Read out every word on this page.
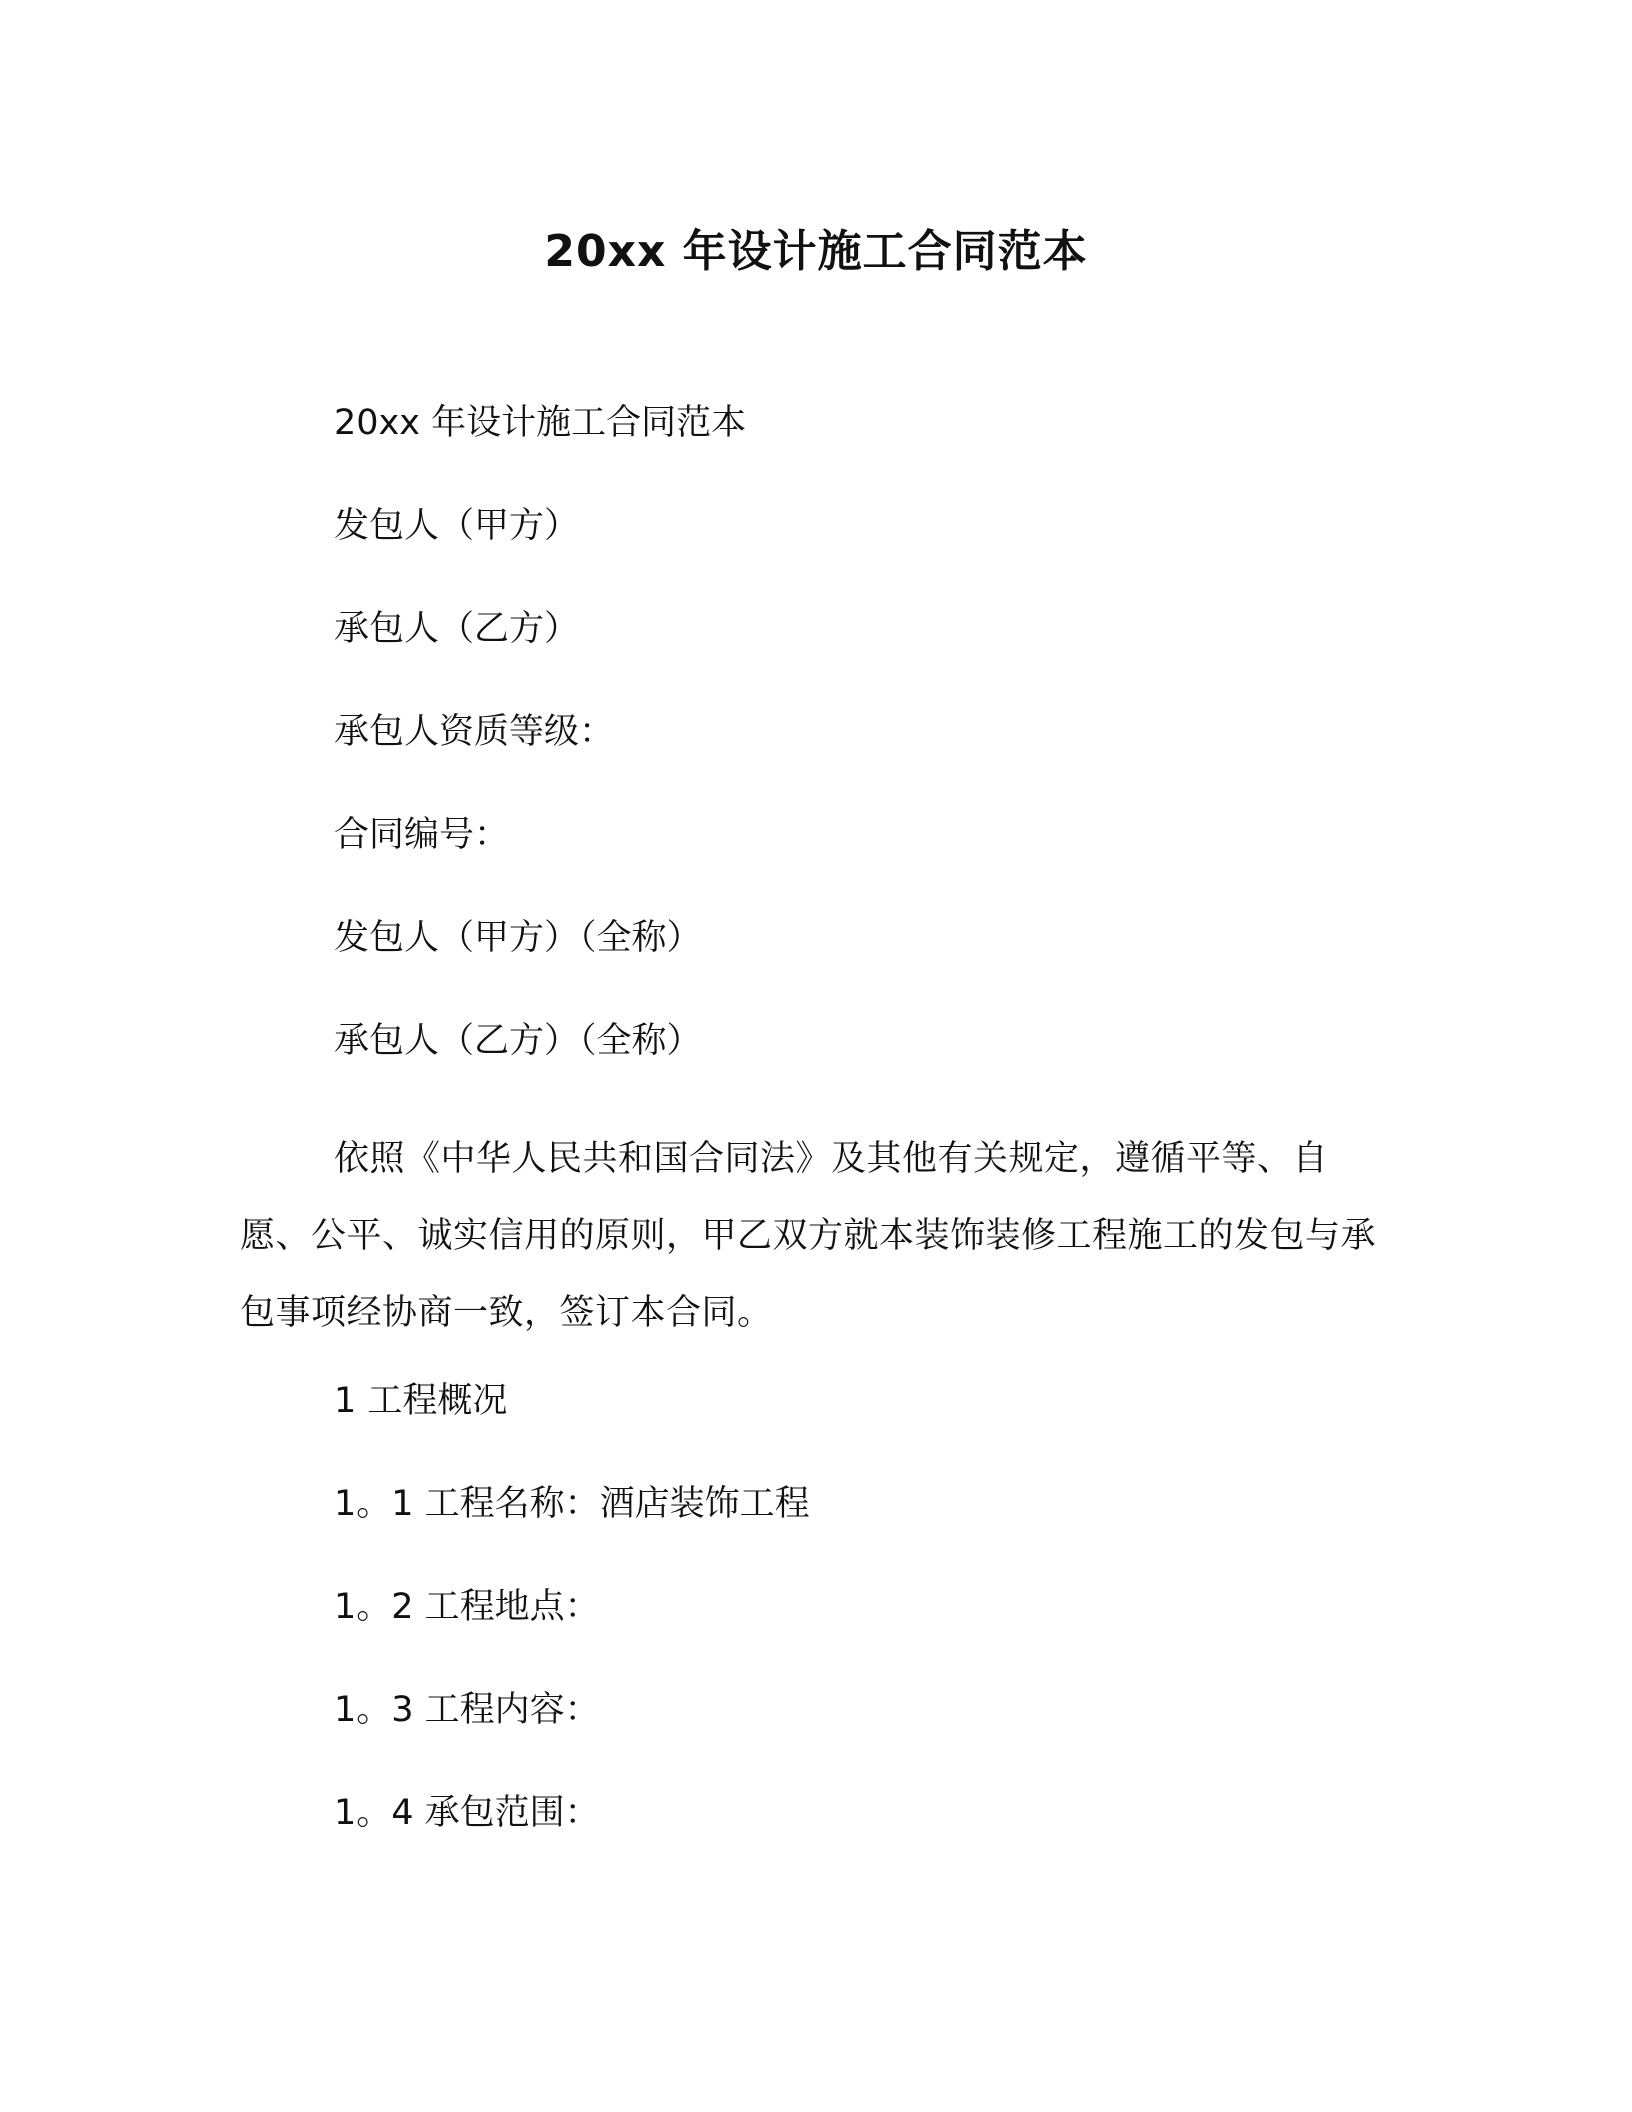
20xx 年设计施工合同范本
20xx 年设计施工合同范本
发包人（甲方）
承包人（乙方）
承包人资质等级：
合同编号：
发包人（甲方）（全称）
承包人（乙方）（全称）
依照《中华人民共和国合同法》及其他有关规定，遵循平等、自愿、公平、诚实信用的原则，甲乙双方就本装饰装修工程施工的发包与承包事项经协商一致，签订本合同。
1 工程概况
1。1 工程名称：酒店装饰工程
1。2 工程地点：
1。3 工程内容：
1。4 承包范围：
